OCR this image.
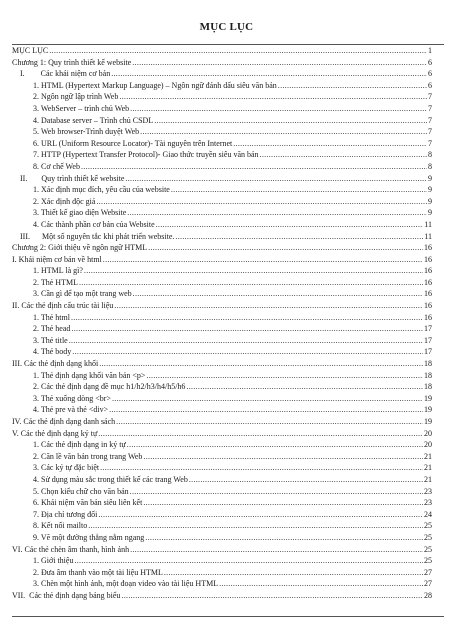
MỤC LỤC
MỤC LỤC .....	1
Chương 1: Quy trình thiết kế website .....	6
I.        Các khái niệm cơ bản .....	6
1. HTML (Hypertext Markup Language) – Ngôn ngữ đánh dấu siêu văn bản .....	6
2. Ngôn ngữ lập trình Web .....	7
3. WebServer – trình chủ Web .....	7
4. Database server – Trình chủ CSDL .....	7
5. Web browser-Trình duyệt Web .....	7
6. URL (Uniform Resource Locator)- Tài nguyên trên Internet .....	7
7. HTTP (Hypertext Transfer Protocol)- Giao thức truyền siêu văn bản .....	8
8. Cơ chế Web .....	8
II.       Quy trình thiết kế website .....	9
1. Xác định mục đích, yêu cầu của website .....	9
2. Xác định độc giả .....	9
3. Thiết kế giao diện Website .....	9
4. Các thành phần cơ bản của Website .....	11
III.      Một số nguyên tắc khi phát triển website. .....	11
Chương 2: Giới thiệu về ngôn ngữ HTML .....	16
I. Khái niệm cơ bản về html .....	16
1. HTML là gì? .....	16
2. Thẻ HTML .....	16
3. Cần gì để tạo một trang web .....	16
II. Các thẻ định cấu trúc tài liệu .....	16
1. Thẻ html .....	16
2. Thẻ head .....	17
3. Thẻ title .....	17
4. Thẻ body .....	17
III. Các thẻ định dạng khối .....	18
1. Thẻ định dạng khối văn bản <p> .....	18
2. Các thẻ định dạng đề mục h1/h2/h3/h4/h5/h6 .....	18
3. Thẻ xuống dòng <br> .....	19
4. Thẻ pre và thẻ <div> .....	19
IV. Các thẻ định dạng danh sách .....	19
V. Các thẻ định dạng ký tự .....	20
1. Các thẻ định dạng in ký tự .....	20
2. Căn lề văn bản trong trang Web .....	21
3. Các ký tự đặc biệt .....	21
4. Sử dụng màu sắc trong thiết kế các trang Web .....	21
5. Chọn kiểu chữ cho văn bản .....	23
6. Khái niệm văn bản siêu liên kết .....	23
7. Địa chỉ tương đối .....	24
8. Kết nối mailto .....	25
9. Vẽ một đường thẳng nằm ngang .....	25
VI. Các thẻ chèn âm thanh, hình ảnh .....	25
1. Giới thiệu .....	25
2. Đưa âm thanh vào một tài liệu HTML .....	27
3. Chèn một hình ảnh, một đoạn video vào tài liệu HTML .....	27
VII.  Các thẻ định dạng bảng biểu .....	28
